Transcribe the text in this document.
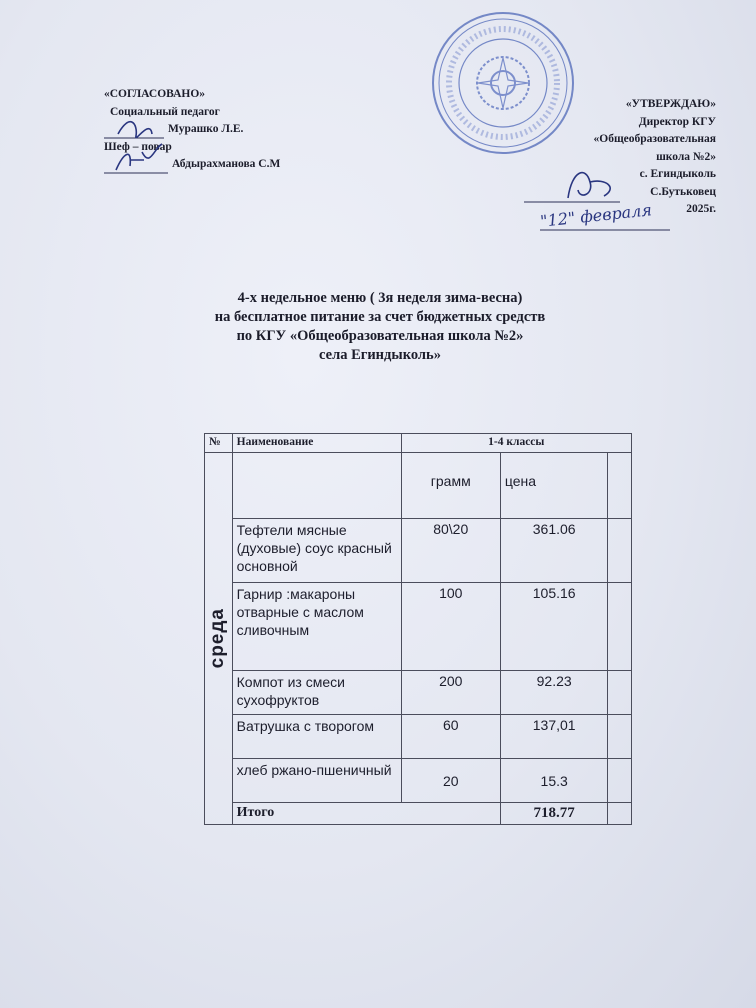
«СОГЛАСОВАНО»
Социальный педагог
Мурашко Л.Е.
Шеф – повар
Абдырахманова С.М
«УТВЕРЖДАЮ»
Директор КГУ
«Общеобразовательная
школа №2»
с. Егиндыколь
С.Бутьковец
2025г.
"12" февраля
4-х недельное меню ( 3я неделя зима-весна)
на бесплатное питание за счет бюджетных средств
по КГУ «Общеобразовательная школа №2»
села Егиндыколь»
№	Наименование	1-4 классы		

среда		грамм	цена	
	Тефтели мясные (духовые) соус красный основной	80\20	361.06	
	Гарнир :макароны отварные с маслом сливочным	100	105.16	
	Компот из смеси сухофруктов	200	92.23	
	Ватрушка с творогом	60	137,01	
	хлеб ржано-пшеничный	20	15.3	
	Итого		718.77	
